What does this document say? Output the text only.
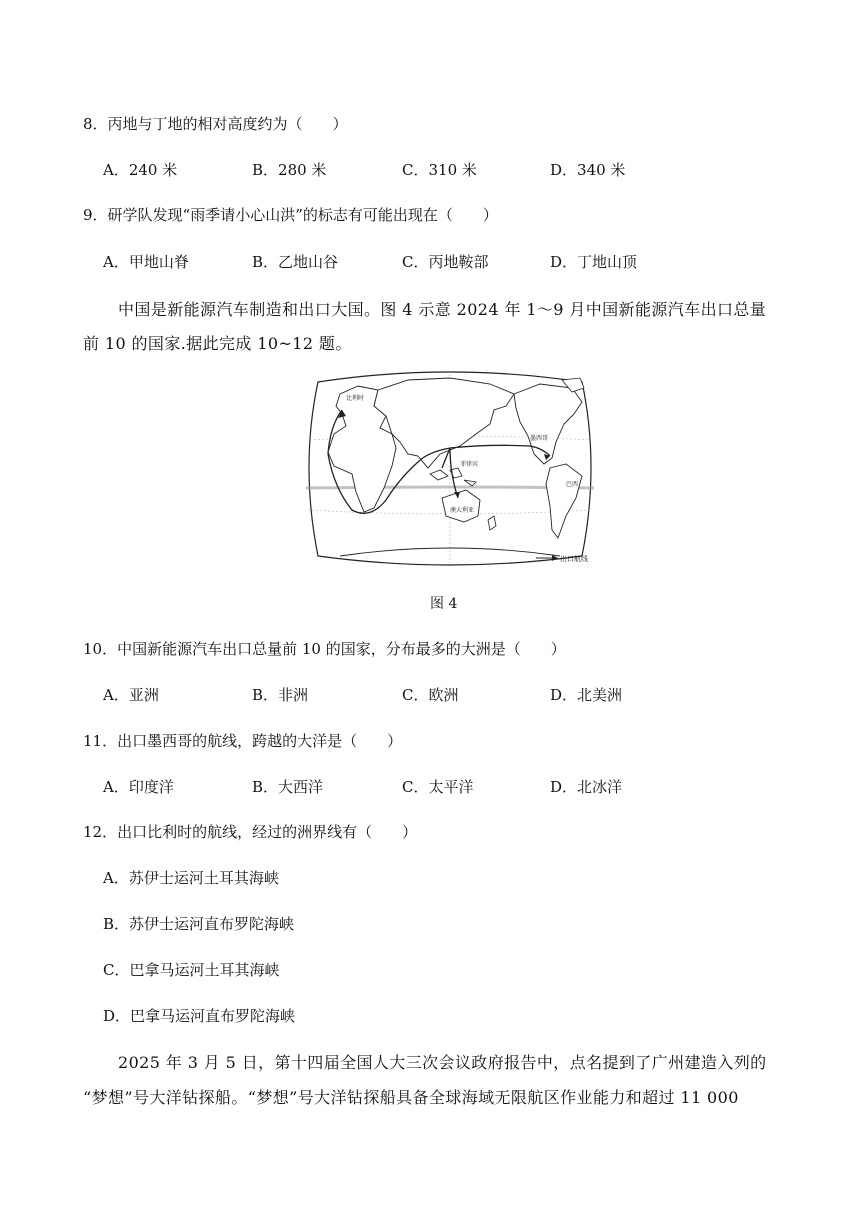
8．丙地与丁地的相对高度约为（　　）
A．240 米	B．280 米	C．310 米	D．340 米
9．研学队发现“雨季请小心山洪”的标志有可能出现在（　　）
A．甲地山脊	B．乙地山谷	C．丙地鞍部	D．丁地山顶
中国是新能源汽车制造和出口大国。图 4 示意 2024 年 1～9 月中国新能源汽车出口总量
前 10 的国家.据此完成 10~12 题。
比利时
墨西哥
巴西
菲律宾
澳大利亚
出口航线
图 4
10．中国新能源汽车出口总量前 10 的国家，分布最多的大洲是（　　）
A．亚洲	B．非洲	C．欧洲	D．北美洲
11．出口墨西哥的航线，跨越的大洋是（　　）
A．印度洋	B．大西洋	C．太平洋	D．北冰洋
12．出口比利时的航线，经过的洲界线有（　　）
A．苏伊士运河土耳其海峡
B．苏伊士运河直布罗陀海峡
C．巴拿马运河土耳其海峡
D．巴拿马运河直布罗陀海峡
2025 年 3 月 5 日，第十四届全国人大三次会议政府报告中，点名提到了广州建造入列的
“梦想”号大洋钻探船。“梦想”号大洋钻探船具备全球海域无限航区作业能力和超过 11 000
